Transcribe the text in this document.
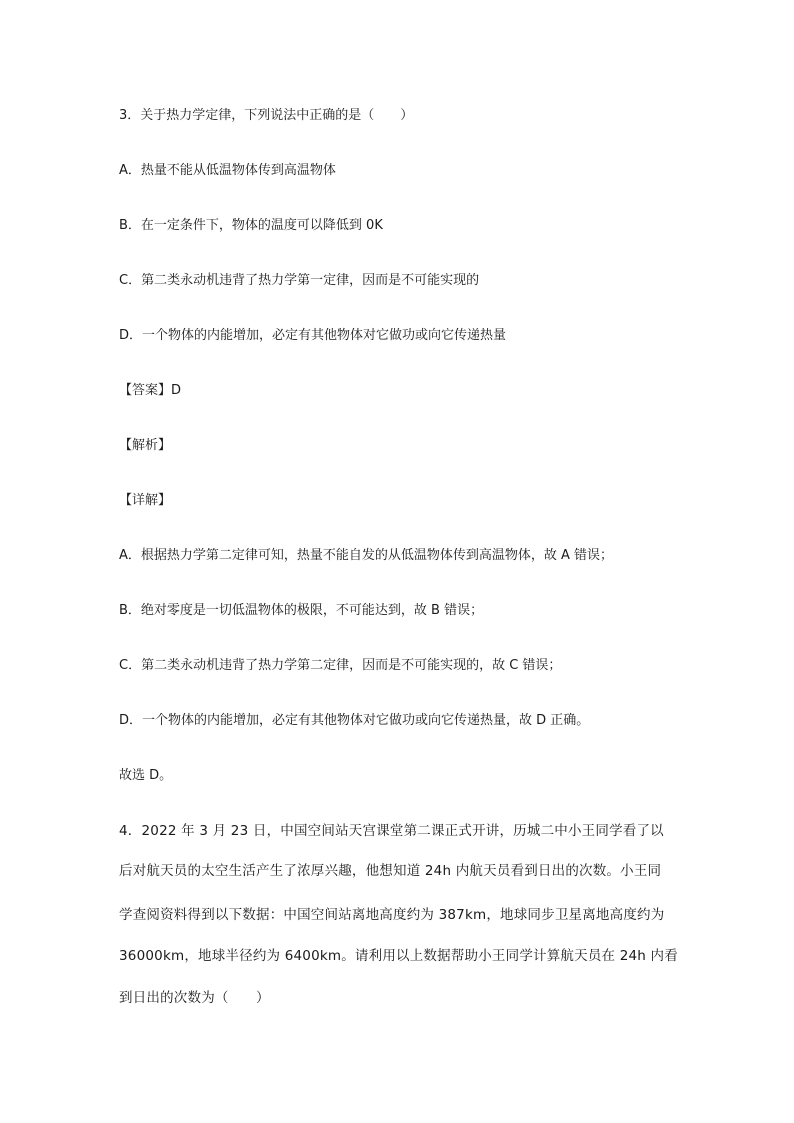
3．关于热力学定律，下列说法中正确的是（　　）
A．热量不能从低温物体传到高温物体
B．在一定条件下，物体的温度可以降低到 0K
C．第二类永动机违背了热力学第一定律，因而是不可能实现的
D．一个物体的内能增加，必定有其他物体对它做功或向它传递热量
【答案】D
【解析】
【详解】
A．根据热力学第二定律可知，热量不能自发的从低温物体传到高温物体，故 A 错误；
B．绝对零度是一切低温物体的极限，不可能达到，故 B 错误；
C．第二类永动机违背了热力学第二定律，因而是不可能实现的，故 C 错误；
D．一个物体的内能增加，必定有其他物体对它做功或向它传递热量，故 D 正确。
故选 D。
4．2022 年 3 月 23 日，中国空间站天宫课堂第二课正式开讲，历城二中小王同学看了以
后对航天员的太空生活产生了浓厚兴趣，他想知道 24h 内航天员看到日出的次数。小王同
学查阅资料得到以下数据：中国空间站离地高度约为 387km，地球同步卫星离地高度约为
36000km，地球半径约为 6400km。请利用以上数据帮助小王同学计算航天员在 24h 内看
到日出的次数为（　　）
